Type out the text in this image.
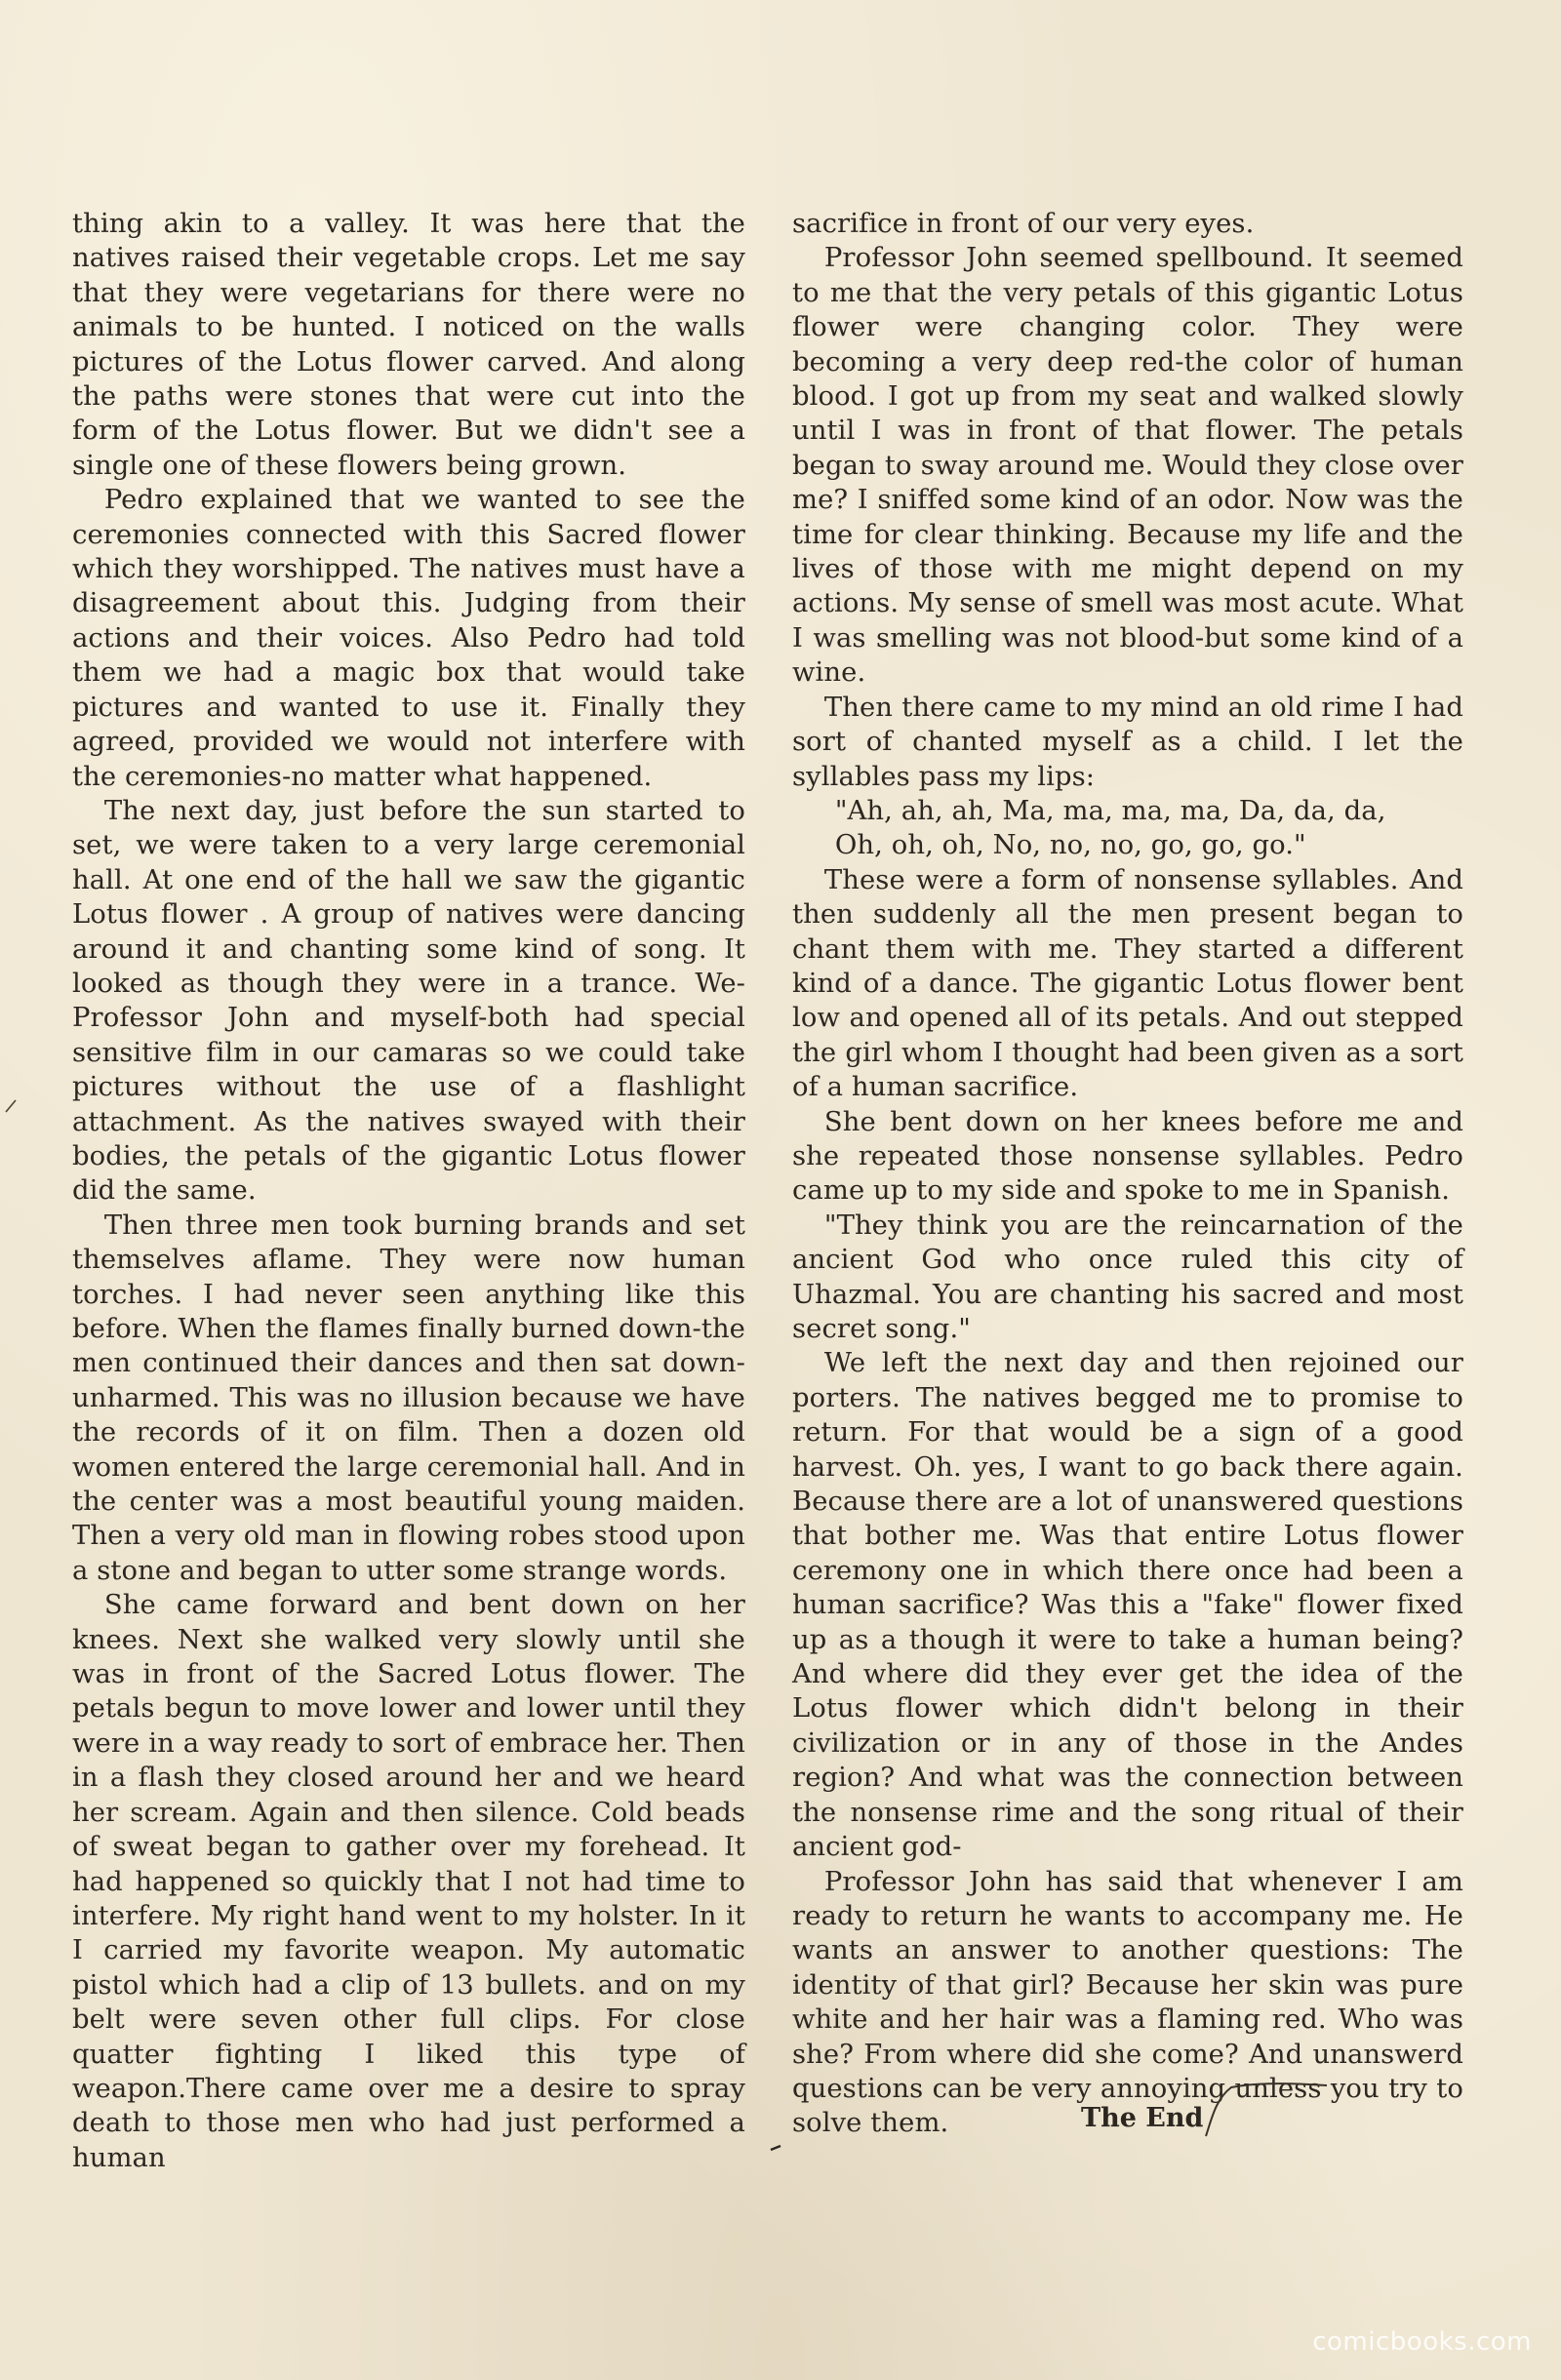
thing akin to a valley. It was here that the natives raised their vegetable crops. Let me say that they were vegetarians for there were no animals to be hunted. I noticed on the walls pictures of the Lotus flower carved. And along the paths were stones that were cut into the form of the Lotus flower. But we didn't see a single one of these flowers being grown.

Pedro explained that we wanted to see the ceremonies connected with this Sacred flower which they worshipped. The natives must have a disagreement about this. Judging from their actions and their voices. Also Pedro had told them we had a magic box that would take pictures and wanted to use it. Finally they agreed, provided we would not interfere with the ceremonies-no matter what happened.

The next day, just before the sun started to set, we were taken to a very large ceremonial hall. At one end of the hall we saw the gigantic Lotus flower . A group of natives were dancing around it and chanting some kind of song. It looked as though they were in a trance. We-Professor John and myself-both had special sensitive film in our camaras so we could take pictures without the use of a flashlight attachment. As the natives swayed with their bodies, the petals of the gigantic Lotus flower did the same.

Then three men took burning brands and set themselves aflame. They were now human torches. I had never seen anything like this before. When the flames finally burned down-the men continued their dances and then sat down-unharmed. This was no illusion because we have the records of it on film. Then a dozen old women entered the large ceremonial hall. And in the center was a most beautiful young maiden. Then a very old man in flowing robes stood upon a stone and began to utter some strange words.

She came forward and bent down on her knees. Next she walked very slowly until she was in front of the Sacred Lotus flower. The petals begun to move lower and lower until they were in a way ready to sort of embrace her. Then in a flash they closed around her and we heard her scream. Again and then silence. Cold beads of sweat began to gather over my forehead. It had happened so quickly that I not had time to interfere. My right hand went to my holster. In it I carried my favorite weapon. My automatic pistol which had a clip of 13 bullets. and on my belt were seven other full clips. For close quatter fighting I liked this type of weapon.There came over me a desire to spray death to those men who had just performed a human

sacrifice in front of our very eyes.

Professor John seemed spellbound. It seemed to me that the very petals of this gigantic Lotus flower were changing color. They were becoming a very deep red-the color of human blood. I got up from my seat and walked slowly until I was in front of that flower. The petals began to sway around me. Would they close over me? I sniffed some kind of an odor. Now was the time for clear thinking. Because my life and the lives of those with me might depend on my actions. My sense of smell was most acute. What I was smelling was not blood-but some kind of a wine.

Then there came to my mind an old rime I had sort of chanted myself as a child. I let the syllables pass my lips:

"Ah, ah, ah, Ma, ma, ma, ma, Da, da, da,

Oh, oh, oh, No, no, no, go, go, go."

These were a form of nonsense syllables. And then suddenly all the men present began to chant them with me. They started a different kind of a dance. The gigantic Lotus flower bent low and opened all of its petals. And out stepped the girl whom I thought had been given as a sort of a human sacrifice.

She bent down on her knees before me and she repeated those nonsense syllables. Pedro came up to my side and spoke to me in Spanish.

"They think you are the reincarnation of the ancient God who once ruled this city of Uhazmal. You are chanting his sacred and most secret song."

We left the next day and then rejoined our porters. The natives begged me to promise to return. For that would be a sign of a good harvest. Oh. yes, I want to go back there again. Because there are a lot of unanswered questions that bother me. Was that entire Lotus flower ceremony one in which there once had been a human sacrifice? Was this a "fake" flower fixed up as a though it were to take a human being? And where did they ever get the idea of the Lotus flower which didn't belong in their civilization or in any of those in the Andes region? And what was the connection between the nonsense rime and the song ritual of their ancient god-

Professor John has said that whenever I am ready to return he wants to accompany me. He wants an answer to another questions: The identity of that girl? Because her skin was pure white and her hair was a flaming red. Who was she? From where did she come? And unanswerd questions can be very annoying unless you try to solve them.	The End
comicbooks.com
